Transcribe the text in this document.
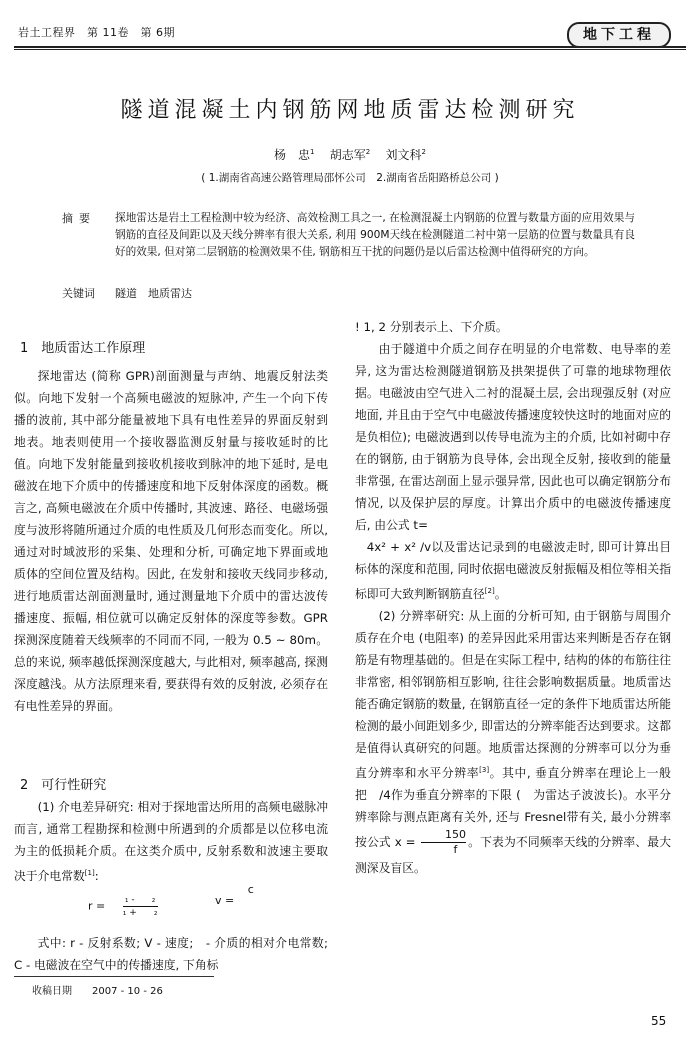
岩土工程界　第 11卷　第 6期	地下工程
隧道混凝土内钢筋网地质雷达检测研究
杨　忠$^1$ 胡志军$^2$ 刘文科$^2$
( 1.湖南省高速公路管理局邵怀公司　2.湖南省岳阳路桥总公司 )
摘要 探地雷达是岩土工程检测中较为经济、高效检测工具之一, 在检测混凝土内钢筋的位置与数量方面的应用效果与钢筋的直径及间距以及天线分辨率有很大关系, 利用 900M天线在检测隧道二衬中第一层筋的位置与数量具有良好的效果, 但对第二层钢筋的检测效果不佳, 钢筋相互干扰的问题仍是以后雷达检测中值得研究的方向。
关键词 隧道　地质雷达
1　地质雷达工作原理

探地雷达 (简称 GPR)剖面测量与声纳、地震反射法类似。向地下发射一个高频电磁波的短脉冲, 产生一个向下传播的波前, 其中部分能量被地下具有电性差异的界面反射到地表。地表则使用一个接收器监测反射量与接收延时的比值。向地下发射能量到接收机接收到脉冲的地下延时, 是电磁波在地下介质中的传播速度和地下反射体深度的函数。概言之, 高频电磁波在介质中传播时, 其波速、路径、电磁场强度与波形将随所通过介质的电性质及几何形态而变化。所以, 通过对时域波形的采集、处理和分析, 可确定地下界面或地质体的空间位置及结构。因此, 在发射和接收天线同步移动, 进行地质雷达剖面测量时, 通过测量地下介质中的雷达波传播速度、振幅, 相位就可以确定反射体的深度等参数。GPR探测深度随着天线频率的不同而不同, 一般为 0.5 ~ 80m。总的来说, 频率越低探测深度越大, 与此相对, 频率越高, 探测深度越浅。从方法原理来看, 要获得有效的反射波, 必须存在有电性差异的界面。

2　可行性研究

(1) 介电差异研究: 相对于探地雷达所用的高频电磁脉冲而言, 通常工程勘探和检测中所遇到的介质都是以位移电流为主的低损耗介质。在这类介质中, 反射系数和波速主要取决于介电常数[1]:

r = ₁ -      ₂
₁ +      ₂
v = c

式中: r - 反射系数; V - 速度;　- 介质的相对介电常数; C - 电磁波在空气中的传播速度, 下角标

! 1, 2 分别表示上、下介质。

由于隧道中介质之间存在明显的介电常数、电导率的差异, 这为雷达检测隧道钢筋及拱架提供了可靠的地球物理依据。电磁波由空气进入二衬的混凝土层, 会出现强反射 (对应地面, 并且由于空气中电磁波传播速度较快这时的地面对应的是负相位); 电磁波遇到以传导电流为主的介质, 比如衬砌中存在的钢筋, 由于钢筋为良导体, 会出现全反射, 接收到的能量非常强, 在雷达剖面上显示强异常, 因此也可以确定钢筋分布情况, 以及保护层的厚度。计算出介质中的电磁波传播速度后, 由公式 t=

4x² + x² /v以及雷达记录到的电磁波走时, 即可计算出目标体的深度和范围, 同时依据电磁波反射振幅及相位等相关指标即可大致判断钢筋直径[2]。

(2) 分辨率研究: 从上面的分析可知, 由于钢筋与周围介质存在介电 (电阻率) 的差异因此采用雷达来判断是否存在钢筋是有物理基础的。但是在实际工程中, 结构的体的布筋往往非常密, 相邻钢筋相互影响, 往往会影响数据质量。地质雷达能否确定钢筋的数量, 在钢筋直径一定的条件下地质雷达所能检测的最小间距划多少, 即雷达的分辨率能否达到要求。这都是值得认真研究的问题。地质雷达探测的分辨率可以分为垂直分辨率和水平分辨率[3]。其中, 垂直分辨率在理论上一般把　/4作为垂直分辨率的下限 (　为雷达子波波长)。水平分辨率除与测点距离有关外, 还与 Fresnel带有关, 最小分辨率按公式 $x = \frac{150}{f}$ 。下表为不同频率天线的分辨率、最大测深及盲区。

收稿日期　　2007 - 10 - 26
55
